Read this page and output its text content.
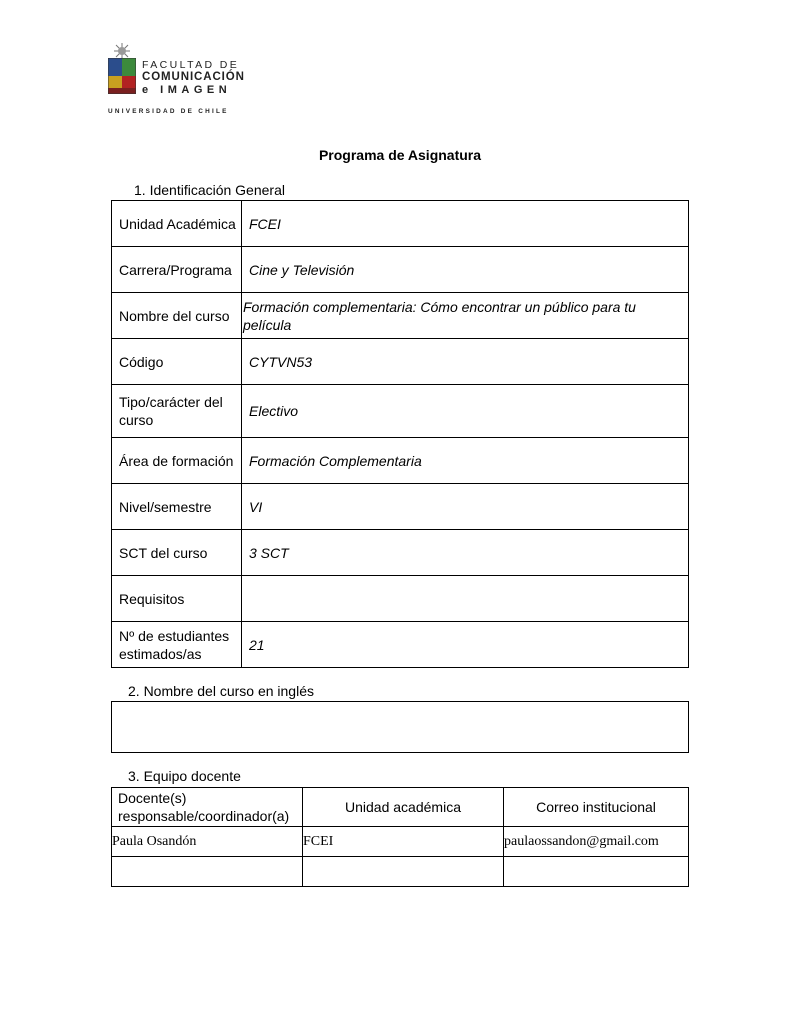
FACULTAD DE
COMUNICACIÓN
e IMAGEN
UNIVERSIDAD DE CHILE
Programa de Asignatura
1. Identificación General
Unidad Académica	FCEI
Carrera/Programa	Cine y Televisión
Nombre del curso	Formación complementaria: Cómo encontrar un público para tu película
Código	CYTVN53
Tipo/carácter del curso	Electivo
Área de formación	Formación Complementaria
Nivel/semestre	VI
SCT del curso	3 SCT
Requisitos	
Nº de estudiantes estimados/as	21
2. Nombre del curso en inglés
3. Equipo docente
Docente(s) responsable/coordinador(a)	Unidad académica	Correo institucional
Paula Osandón	FCEI	paulaossandon@gmail.com
